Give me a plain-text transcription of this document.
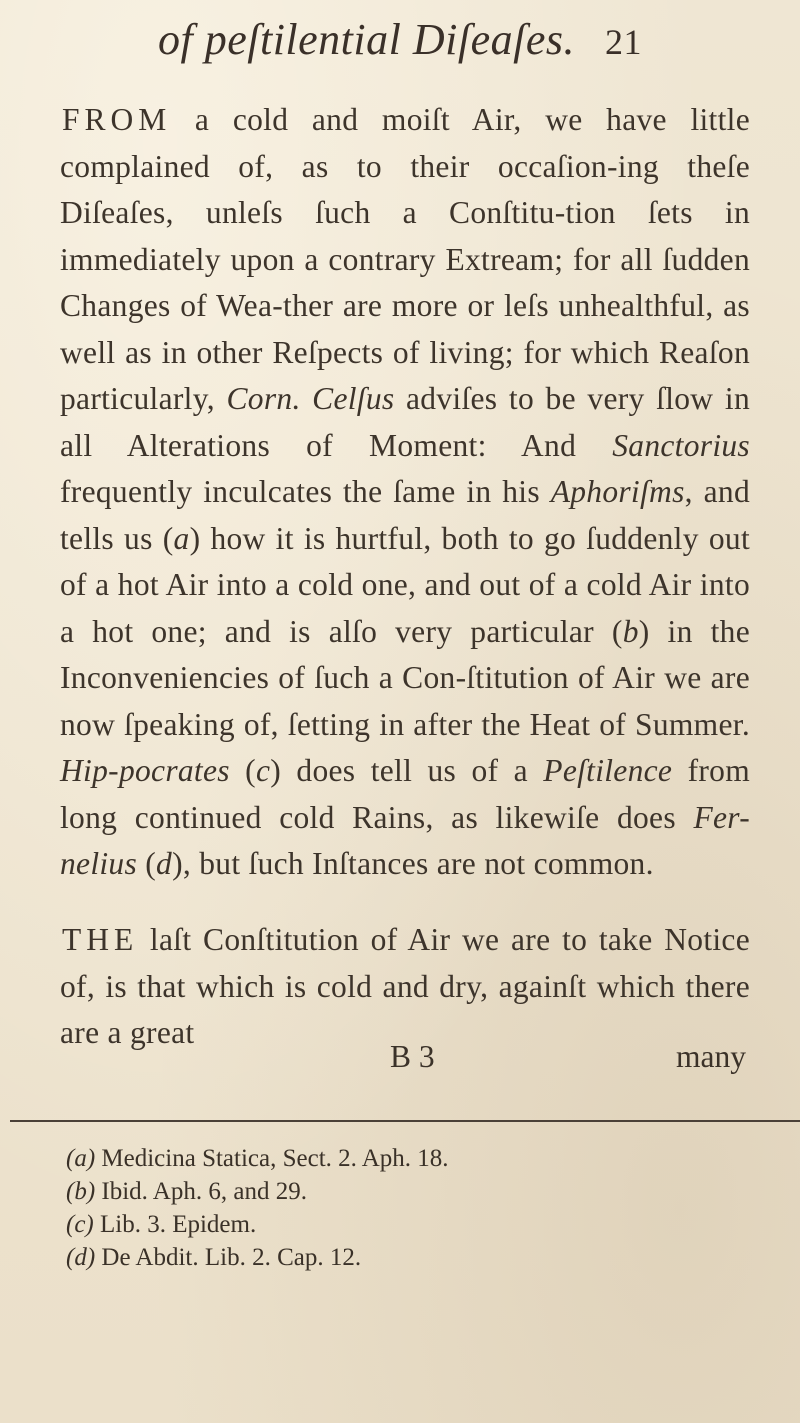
of peſtilential Diſeaſes. 21
FROM a cold and moiſt Air, we have little complained of, as to their occaſion-ing theſe Diſeaſes, unleſs ſuch a Conſtitu-tion ſets in immediately upon a contrary Extream; for all ſudden Changes of Wea-ther are more or leſs unhealthful, as well as in other Reſpects of living; for which Reaſon particularly, Corn. Celſus adviſes to be very ſlow in all Alterations of Moment: And Sanctorius frequently inculcates the ſame in his Aphoriſms, and tells us (a) how it is hurtful, both to go ſuddenly out of a hot Air into a cold one, and out of a cold Air into a hot one; and is alſo very particular (b) in the Inconveniencies of ſuch a Con-ſtitution of Air we are now ſpeaking of, ſetting in after the Heat of Summer. Hip-pocrates (c) does tell us of a Peſtilence from long continued cold Rains, as likewiſe does Fer-nelius (d), but ſuch Inſtances are not common.
THE laſt Conſtitution of Air we are to take Notice of, is that which is cold and dry, againſt which there are a great
B 3	many
(a) Medicina Statica, Sect. 2. Aph. 18.
(b) Ibid. Aph. 6, and 29.
(c) Lib. 3. Epidem.
(d) De Abdit. Lib. 2. Cap. 12.
